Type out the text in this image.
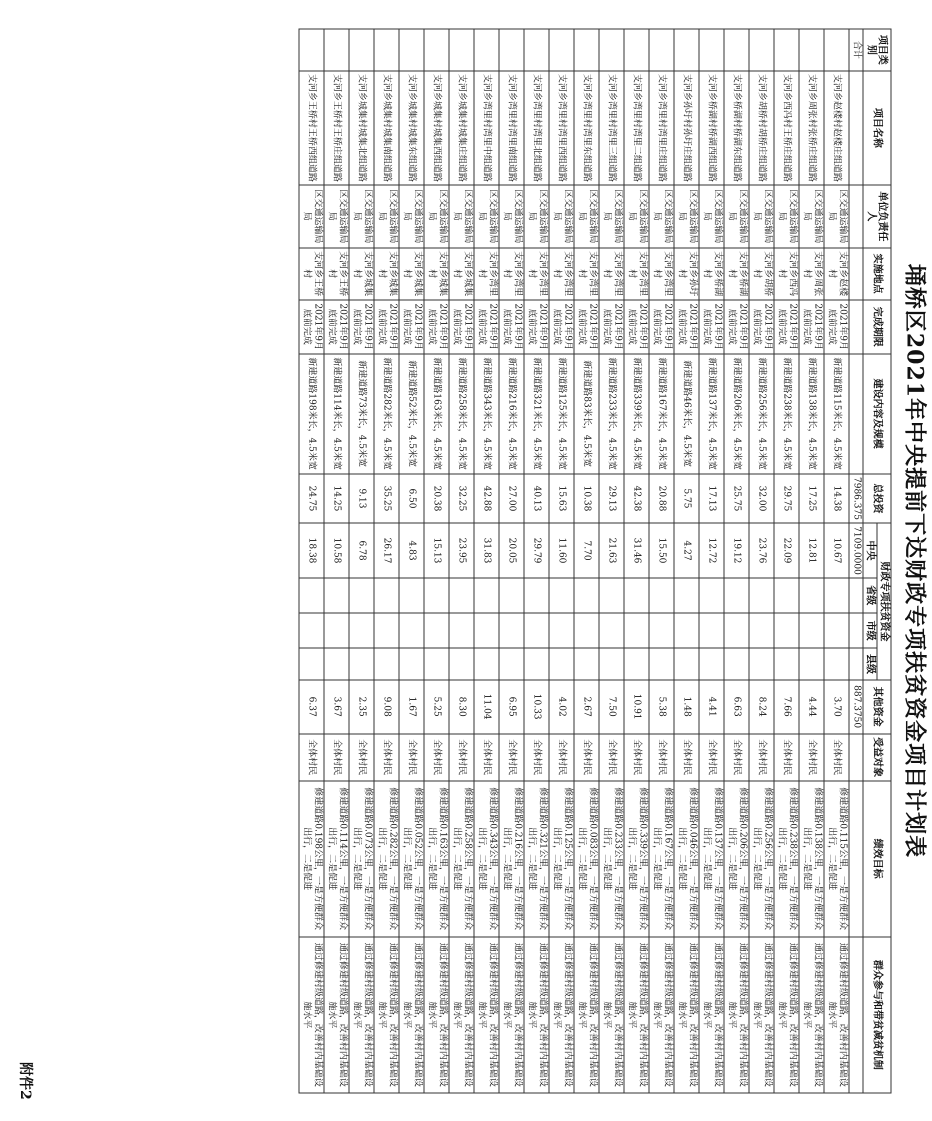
附件2
埇桥区2021年中央提前下达财政专项扶贫资金项目计划表
项目类别	项目名称	单位负责任人	实施地点	完成期限	建设内容及规模	总投资	财政专项扶贫资金				其他资金	受益对象	绩效目标	群众参与和带贫减贫机制
							中央	省级	市级	县级				
合计						7986.375	7109.0000				887.3750			
	支河乡赵楼村赵楼庄组道路	区交通运输局局	支河乡赵楼村	2021年9月底前完成	新建道路115米长，4.5米宽	14.38	10.67				3.70	全体村民	修建道路0.115公里，一是方便群众出行，二是促进	通过修建村级道路，改善村内基础设施水平
	支河乡周张村张桥庄组道路	区交通运输局局	支河乡周张村	2021年9月底前完成	新建道路138米长，4.5米宽	17.25	12.81				4.44	全体村民	修建道路0.138公里，一是方便群众出行，二是促进	通过修建村级道路，改善村内基础设施水平
	支河乡西冯村王桥庄组道路	区交通运输局局	支河乡西冯村	2021年9月底前完成	新建道路238米长，4.5米宽	29.75	22.09				7.66	全体村民	修建道路0.238公里，一是方便群众出行，二是促进	通过修建村级道路，改善村内基础设施水平
	支河乡胡桥村胡桥庄组道路	区交通运输局局	支河乡胡桥村	2021年9月底前完成	新建道路256米长，4.5米宽	32.00	23.76				8.24	全体村民	修建道路0.256公里，一是方便群众出行，二是促进	通过修建村级道路，改善村内基础设施水平
	支河乡桥湖村桥湖东组道路	区交通运输局局	支河乡桥湖村	2021年9月底前完成	新建道路206米长，4.5米宽	25.75	19.12				6.63	全体村民	修建道路0.206公里，一是方便群众出行，二是促进	通过修建村级道路，改善村内基础设施水平
	支河乡桥湖村桥湖西组道路	区交通运输局局	支河乡桥湖村	2021年9月底前完成	新建道路137米长，4.5米宽	17.13	12.72				4.41	全体村民	修建道路0.137公里，一是方便群众出行，二是促进	通过修建村级道路，改善村内基础设施水平
	支河乡孙圩村孙圩庄组道路	区交通运输局局	支河乡孙圩村	2021年9月底前完成	新建道路46米长，4.5米宽	5.75	4.27				1.48	全体村民	修建道路0.046公里，一是方便群众出行，二是促进	通过修建村级道路，改善村内基础设施水平
	支河乡湾里村湾里庄组道路	区交通运输局局	支河乡湾里村	2021年9月底前完成	新建道路167米长，4.5米宽	20.88	15.50				5.38	全体村民	修建道路0.167公里，一是方便群众出行，二是促进	通过修建村级道路，改善村内基础设施水平
	支河乡湾里村湾里二组道路	区交通运输局局	支河乡湾里村	2021年9月底前完成	新建道路339米长，4.5米宽	42.38	31.46				10.91	全体村民	修建道路0.339公里，一是方便群众出行，二是促进	通过修建村级道路，改善村内基础设施水平
	支河乡湾里村湾里三组道路	区交通运输局局	支河乡湾里村	2021年9月底前完成	新建道路233米长，4.5米宽	29.13	21.63				7.50	全体村民	修建道路0.233公里，一是方便群众出行，二是促进	通过修建村级道路，改善村内基础设施水平
	支河乡湾里村湾里东组道路	区交通运输局局	支河乡湾里村	2021年9月底前完成	新建道路83米长，4.5米宽	10.38	7.70				2.67	全体村民	修建道路0.083公里，一是方便群众出行，二是促进	通过修建村级道路，改善村内基础设施水平
	支河乡湾里村湾里西组道路	区交通运输局局	支河乡湾里村	2021年9月底前完成	新建道路125米长，4.5米宽	15.63	11.60				4.02	全体村民	修建道路0.125公里，一是方便群众出行，二是促进	通过修建村级道路，改善村内基础设施水平
	支河乡湾里村湾里北组道路	区交通运输局局	支河乡湾里村	2021年9月底前完成	新建道路321米长，4.5米宽	40.13	29.79				10.33	全体村民	修建道路0.321公里，一是方便群众出行，二是促进	通过修建村级道路，改善村内基础设施水平
	支河乡湾里村湾里南组道路	区交通运输局局	支河乡湾里村	2021年9月底前完成	新建道路216米长，4.5米宽	27.00	20.05				6.95	全体村民	修建道路0.216公里，一是方便群众出行，二是促进	通过修建村级道路，改善村内基础设施水平
	支河乡湾里村湾里中组道路	区交通运输局局	支河乡湾里村	2021年9月底前完成	新建道路343米长，4.5米宽	42.88	31.83				11.04	全体村民	修建道路0.343公里，一是方便群众出行，二是促进	通过修建村级道路，改善村内基础设施水平
	支河乡城集村城集庄组道路	区交通运输局局	支河乡城集村	2021年9月底前完成	新建道路258米长，4.5米宽	32.25	23.95				8.30	全体村民	修建道路0.258公里，一是方便群众出行，二是促进	通过修建村级道路，改善村内基础设施水平
	支河乡城集村城集西组道路	区交通运输局局	支河乡城集村	2021年9月底前完成	新建道路163米长，4.5米宽	20.38	15.13				5.25	全体村民	修建道路0.163公里，一是方便群众出行，二是促进	通过修建村级道路，改善村内基础设施水平
	支河乡城集村城集东组道路	区交通运输局局	支河乡城集村	2021年9月底前完成	新建道路52米长，4.5米宽	6.50	4.83				1.67	全体村民	修建道路0.052公里，一是方便群众出行，二是促进	通过修建村级道路，改善村内基础设施水平
	支河乡城集村城集南组道路	区交通运输局局	支河乡城集村	2021年9月底前完成	新建道路282米长，4.5米宽	35.25	26.17				9.08	全体村民	修建道路0.282公里，一是方便群众出行，二是促进	通过修建村级道路，改善村内基础设施水平
	支河乡城集村城集北组道路	区交通运输局局	支河乡城集村	2021年9月底前完成	新建道路73米长，4.5米宽	9.13	6.78				2.35	全体村民	修建道路0.073公里，一是方便群众出行，二是促进	通过修建村级道路，改善村内基础设施水平
	支河乡王桥村王桥庄组道路	区交通运输局局	支河乡王桥村	2021年9月底前完成	新建道路114米长，4.5米宽	14.25	10.58				3.67	全体村民	修建道路0.114公里，一是方便群众出行，二是促进	通过修建村级道路，改善村内基础设施水平
	支河乡王桥村王桥西组道路	区交通运输局局	支河乡王桥村	2021年9月底前完成	新建道路198米长，4.5米宽	24.75	18.38				6.37	全体村民	修建道路0.198公里，一是方便群众出行，二是促进	通过修建村级道路，改善村内基础设施水平
